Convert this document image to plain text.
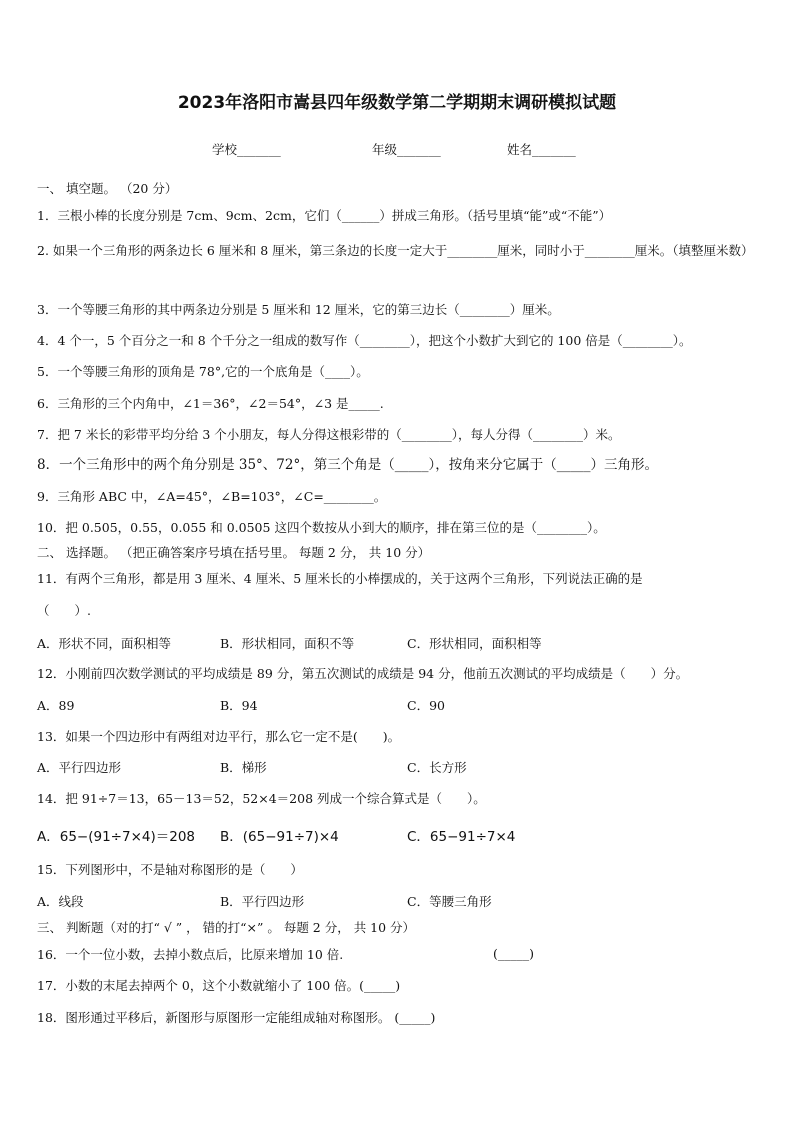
2023年洛阳市嵩县四年级数学第二学期期末调研模拟试题
学校_______	年级_______	姓名_______
一、 填空题。 （20 分）
1．三根小棒的长度分别是 7cm、9cm、2cm，它们（______）拼成三角形。（括号里填“能”或“不能”）
2. 如果一个三角形的两条边长 6 厘米和 8 厘米，第三条边的长度一定大于________厘米，同时小于________厘米。（填整厘米数）
3．一个等腰三角形的其中两条边分别是 5 厘米和 12 厘米，它的第三边长（________）厘米。
4．4 个一，5 个百分之一和 8 个千分之一组成的数写作（________），把这个小数扩大到它的 100 倍是（________）。
5．一个等腰三角形的顶角是 78°,它的一个底角是（____）。
6．三角形的三个内角中，∠1＝36°，∠2＝54°，∠3 是_____.
7．把 7 米长的彩带平均分给 3 个小朋友，每人分得这根彩带的（________），每人分得（________）米。
8．一个三角形中的两个角分别是 35°、72°，第三个角是（_____），按角来分它属于（_____）三角形。
9．三角形 ABC 中，∠A=45°，∠B=103°，∠C=________。
10．把 0.505，0.55，0.055 和 0.0505 这四个数按从小到大的顺序，排在第三位的是（________）。
二、 选择题。 （把正确答案序号填在括号里。 每题 2 分， 共 10 分）
11．有两个三角形，都是用 3 厘米、4 厘米、5 厘米长的小棒摆成的，关于这两个三角形，下列说法正确的是
（　　）.
A．形状不同，面积相等	B．形状相同，面积不等	C．形状相同，面积相等
12．小刚前四次数学测试的平均成绩是 89 分，第五次测试的成绩是 94 分，他前五次测试的平均成绩是（　　）分。
A．89	B．94	C．90
13．如果一个四边形中有两组对边平行，那么它一定不是(　　)。
A．平行四边形	B．梯形	C．长方形
14．把 91÷7＝13，65－13＝52，52×4＝208 列成一个综合算式是（　　）。
A．65−(91÷7×4)＝208 B．(65−91÷7)×4	C．65−91÷7×4
15．下列图形中，不是轴对称图形的是（　　）
A．线段	B．平行四边形	C．等腰三角形
三、 判断题（对的打“ √ ” ， 错的打“×” 。 每题 2 分， 共 10 分）
16．一个一位小数，去掉小数点后，比原来增加 10 倍.	(_____)
17．小数的末尾去掉两个 0，这个小数就缩小了 100 倍。(_____)
18．图形通过平移后，新图形与原图形一定能组成轴对称图形。 (_____)
